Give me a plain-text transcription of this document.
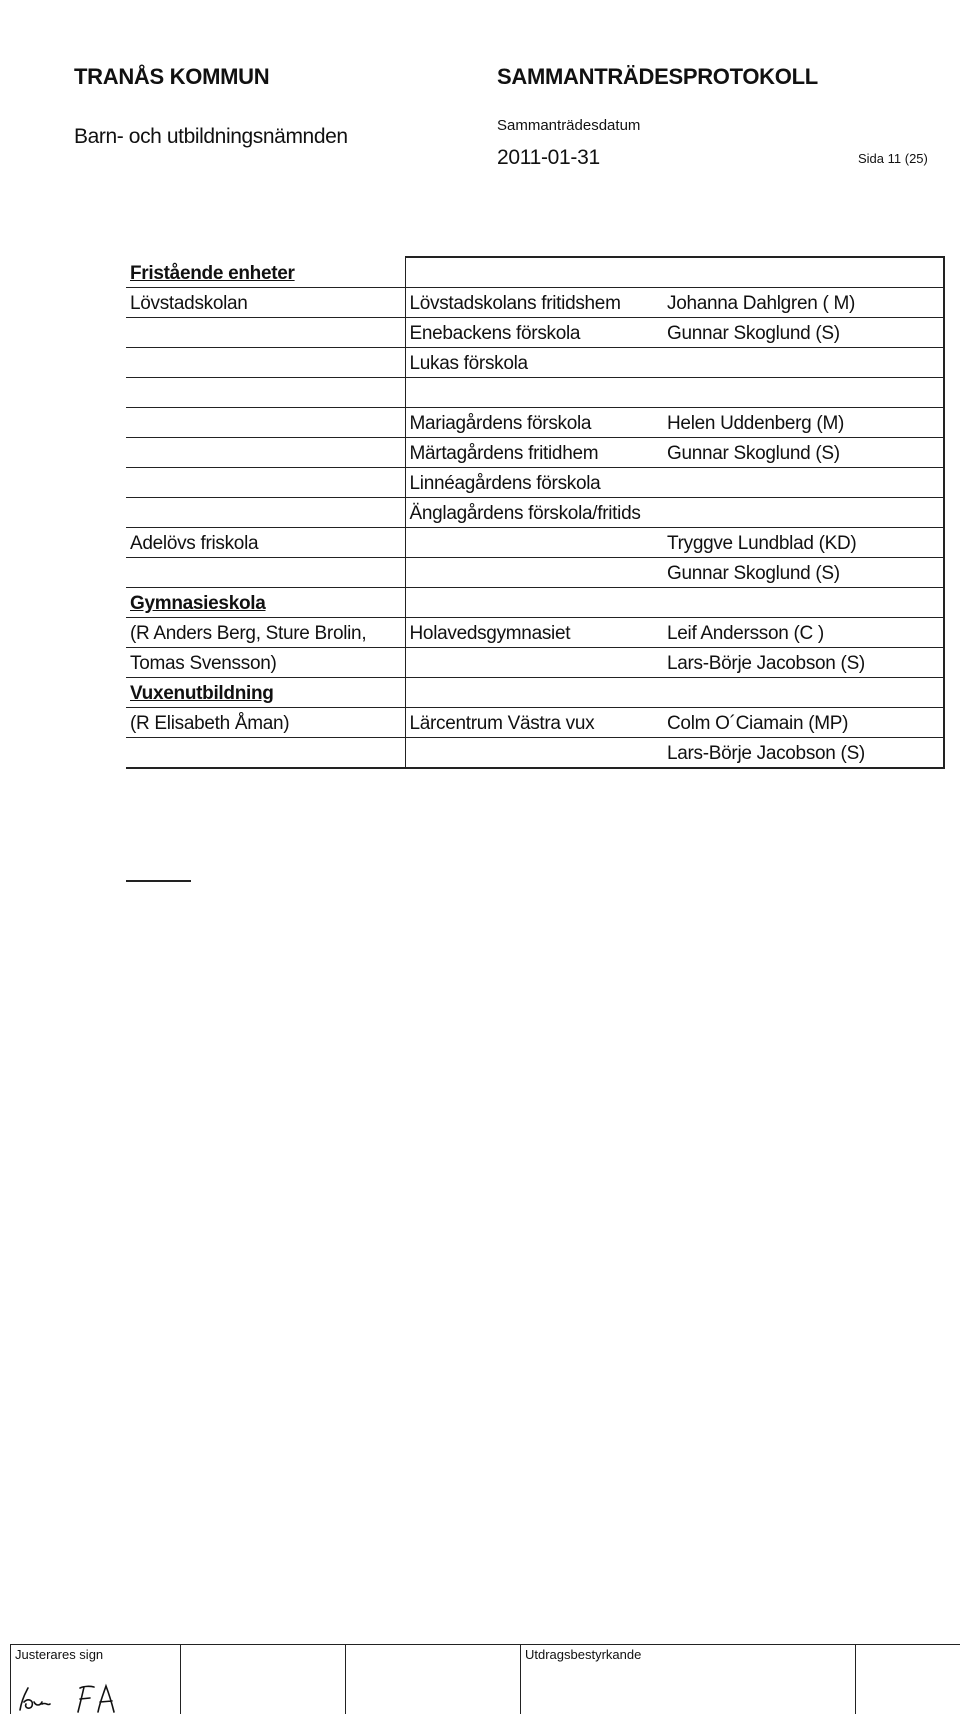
TRANÅS KOMMUN
Barn- och utbildningsnämnden
SAMMANTRÄDESPROTOKOLL
Sammanträdesdatum
2011-01-31	Sida 11 (25)
Fristående enheter		
Lövstadskolan	Lövstadskolans fritidshem	Johanna Dahlgren ( M)
	Enebackens förskola	Gunnar Skoglund (S)
	Lukas förskola	

	Mariagårdens förskola	Helen Uddenberg (M)
	Märtagårdens fritidhem	Gunnar Skoglund (S)
	Linnéagårdens förskola	
	Änglagårdens förskola/fritids	
Adelövs friskola		Tryggve Lundblad (KD)
		Gunnar Skoglund (S)
Gymnasieskola		
(R Anders Berg, Sture Brolin,	Holavedsgymnasiet	Leif Andersson (C )
Tomas Svensson)		Lars-Börje Jacobson (S)
Vuxenutbildning		
(R Elisabeth Åman)	Lärcentrum Västra vux	Colm O´Ciamain (MP)
		Lars-Börje Jacobson (S)
Justerares sign			Utdragsbestyrkande	
